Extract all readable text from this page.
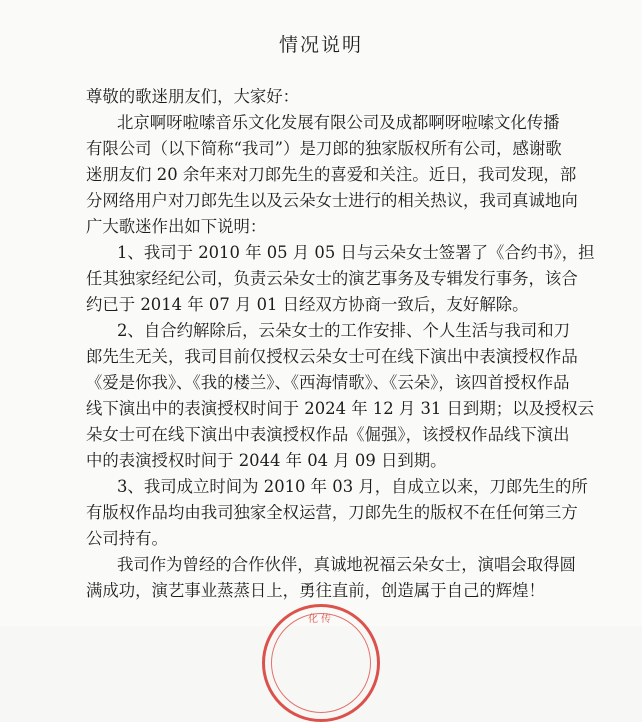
情况说明
尊敬的歌迷朋友们，大家好：
北京啊呀啦嗦音乐文化发展有限公司及成都啊呀啦嗦文化传播
有限公司（以下简称“我司”）是刀郎的独家版权所有公司，感谢歌
迷朋友们 20 余年来对刀郎先生的喜爱和关注。近日，我司发现，部
分网络用户对刀郎先生以及云朵女士进行的相关热议，我司真诚地向
广大歌迷作出如下说明：
1、我司于 2010 年 05 月 05 日与云朵女士签署了《合约书》，担
任其独家经纪公司，负责云朵女士的演艺事务及专辑发行事务，该合
约已于 2014 年 07 月 01 日经双方协商一致后，友好解除。
2、自合约解除后，云朵女士的工作安排、个人生活与我司和刀
郎先生无关，我司目前仅授权云朵女士可在线下演出中表演授权作品
《爱是你我》、《我的楼兰》、《西海情歌》、《云朵》，该四首授权作品
线下演出中的表演授权时间于 2024 年 12 月 31 日到期；以及授权云
朵女士可在线下演出中表演授权作品《倔强》，该授权作品线下演出
中的表演授权时间于 2044 年 04 月 09 日到期。
3、我司成立时间为 2010 年 03 月，自成立以来，刀郎先生的所
有版权作品均由我司独家全权运营，刀郎先生的版权不在任何第三方
公司持有。
我司作为曾经的合作伙伴，真诚地祝福云朵女士，演唱会取得圆
满成功，演艺事业蒸蒸日上，勇往直前，创造属于自己的辉煌！
化传
